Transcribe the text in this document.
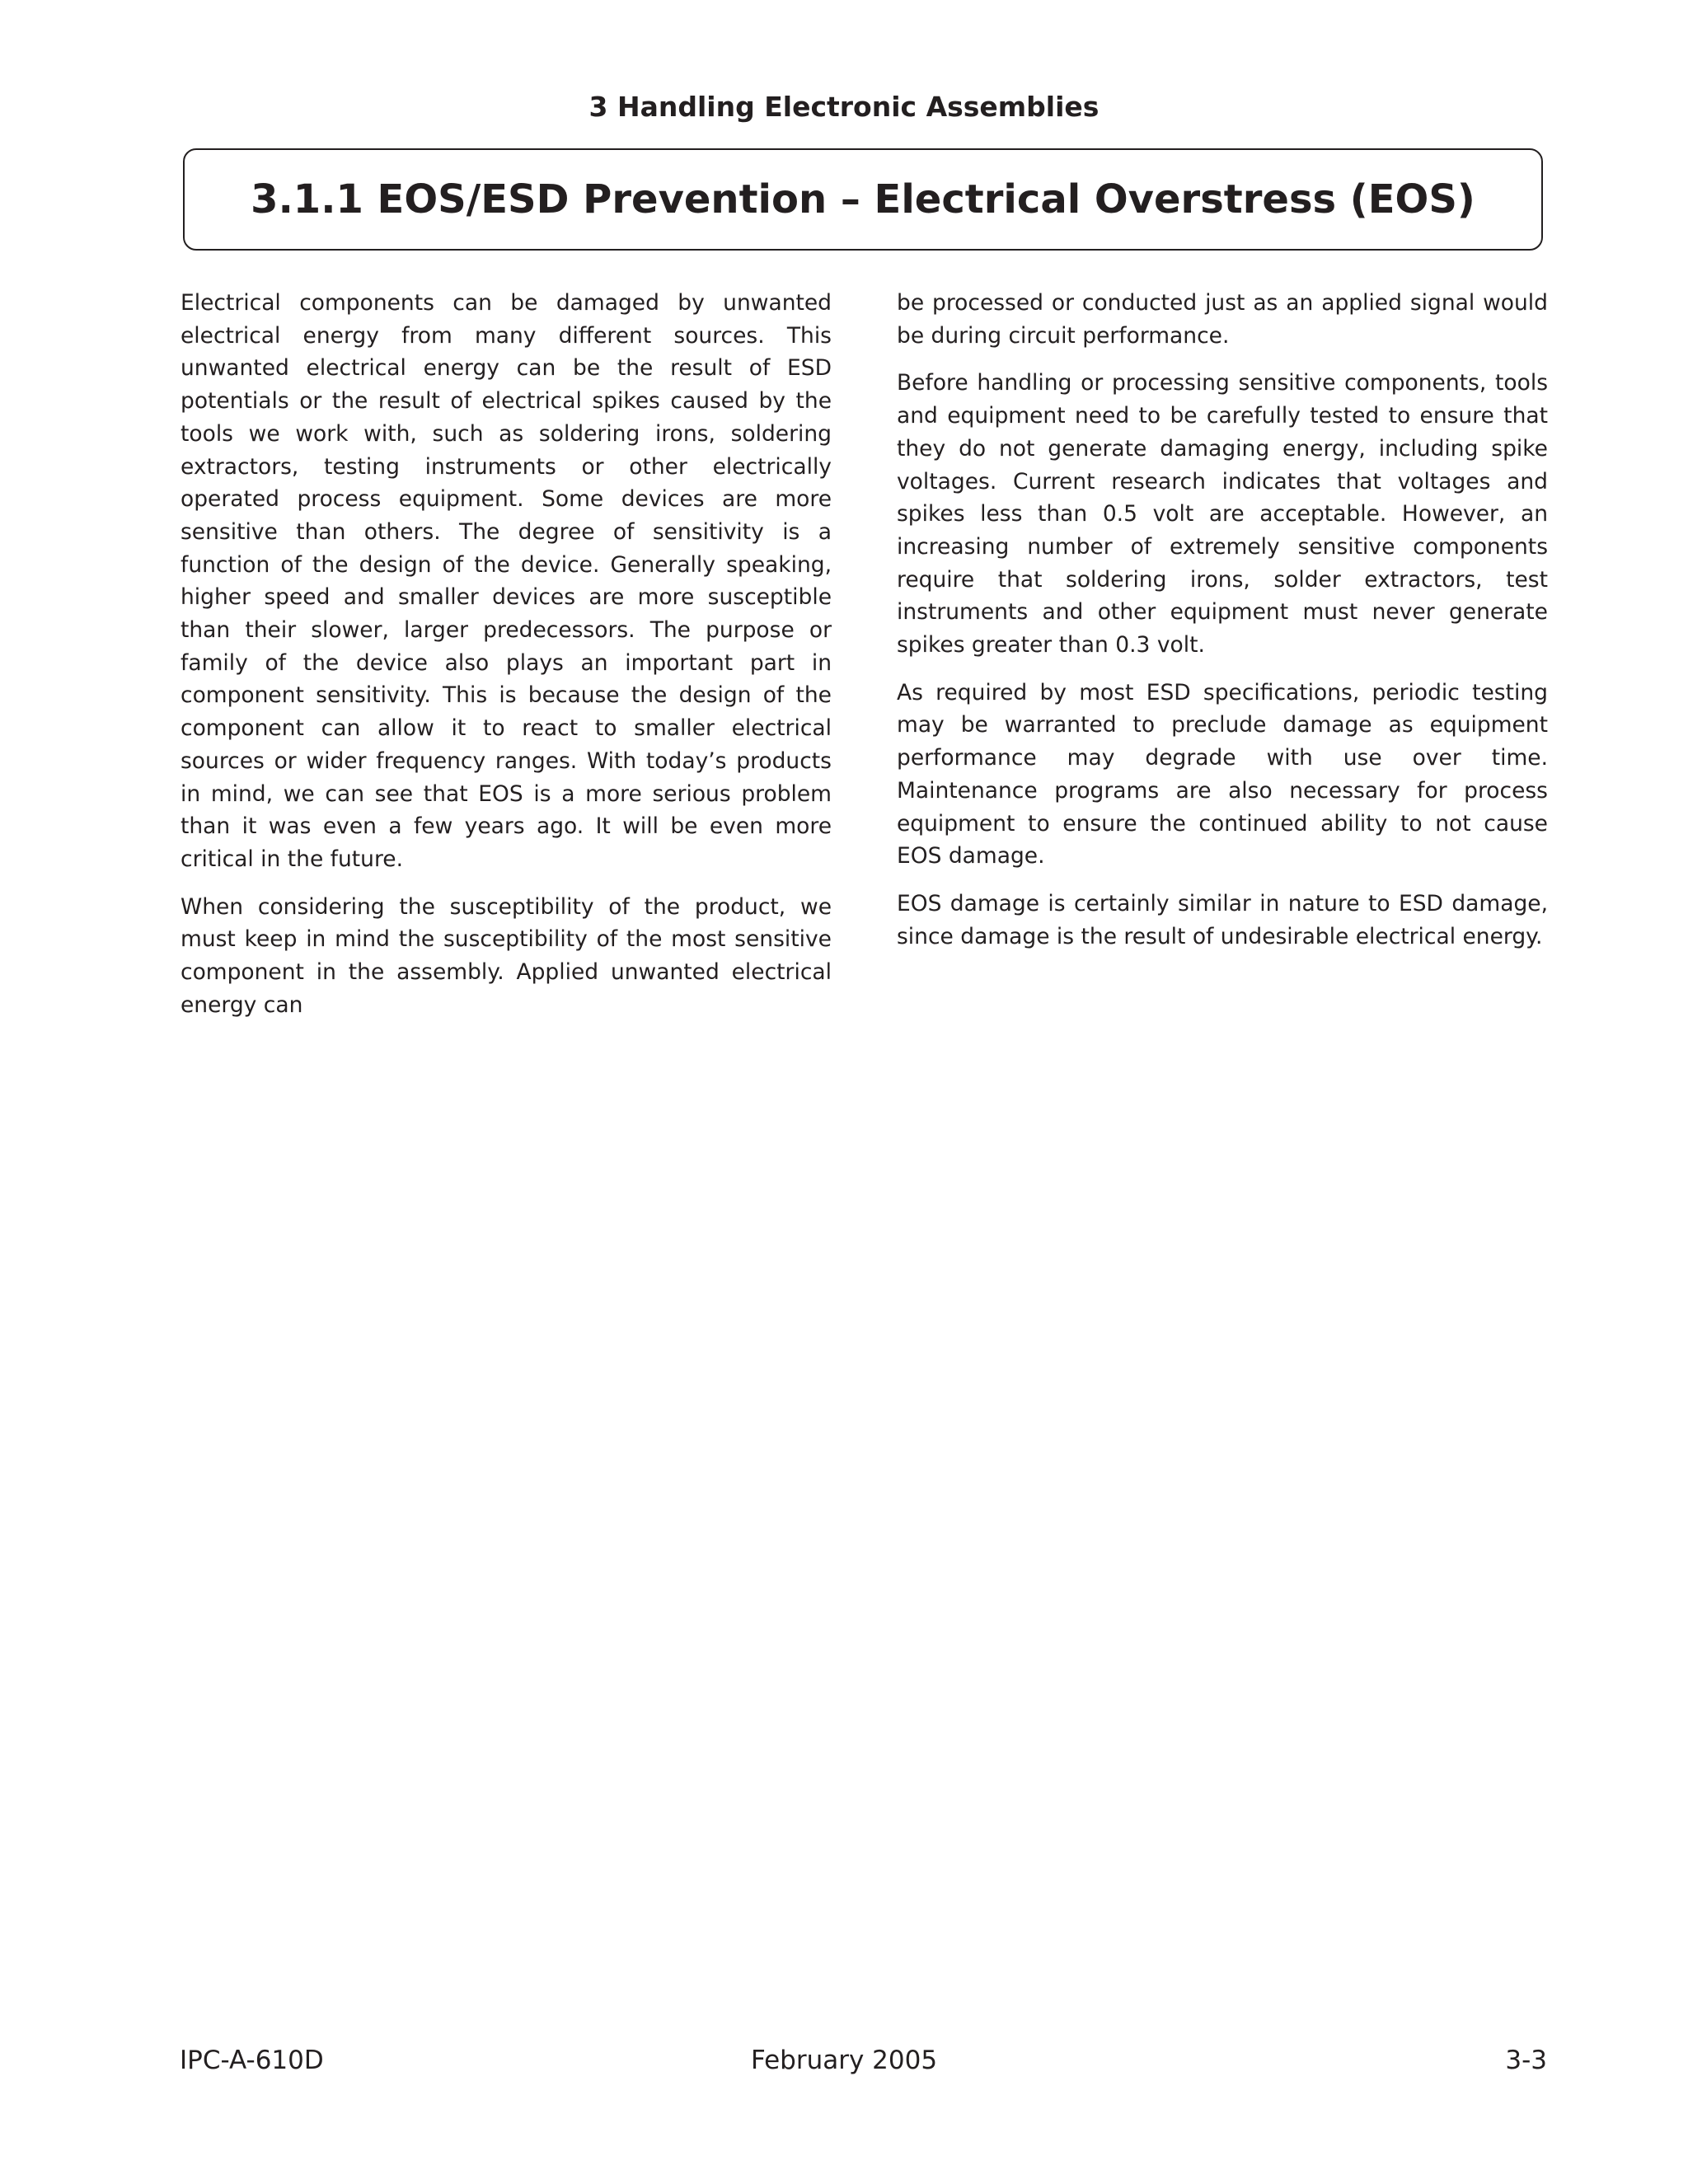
3 Handling Electronic Assemblies
3.1.1 EOS/ESD Prevention – Electrical Overstress (EOS)

Electrical components can be damaged by unwanted electrical energy from many different sources. This unwanted electrical energy can be the result of ESD potentials or the result of electrical spikes caused by the tools we work with, such as soldering irons, soldering extractors, testing instruments or other electrically operated process equipment. Some devices are more sensitive than others. The degree of sensitivity is a function of the design of the device. Generally speaking, higher speed and smaller devices are more susceptible than their slower, larger predecessors. The purpose or family of the device also plays an important part in component sensitivity. This is because the design of the component can allow it to react to smaller electrical sources or wider frequency ranges. With today’s products in mind, we can see that EOS is a more serious problem than it was even a few years ago. It will be even more critical in the future.

When considering the susceptibility of the product, we must keep in mind the susceptibility of the most sensitive component in the assembly. Applied unwanted electrical energy can

be processed or conducted just as an applied signal would be during circuit performance.

Before handling or processing sensitive components, tools and equipment need to be carefully tested to ensure that they do not generate damaging energy, including spike voltages. Current research indicates that voltages and spikes less than 0.5 volt are acceptable. However, an increasing number of extremely sensitive components require that soldering irons, solder extractors, test instruments and other equipment must never generate spikes greater than 0.3 volt.

As required by most ESD specifications, periodic testing may be warranted to preclude damage as equipment performance may degrade with use over time. Maintenance programs are also necessary for process equipment to ensure the continued ability to not cause EOS damage.

EOS damage is certainly similar in nature to ESD damage, since damage is the result of undesirable electrical energy.

IPC-A-610D	February 2005	3-3
